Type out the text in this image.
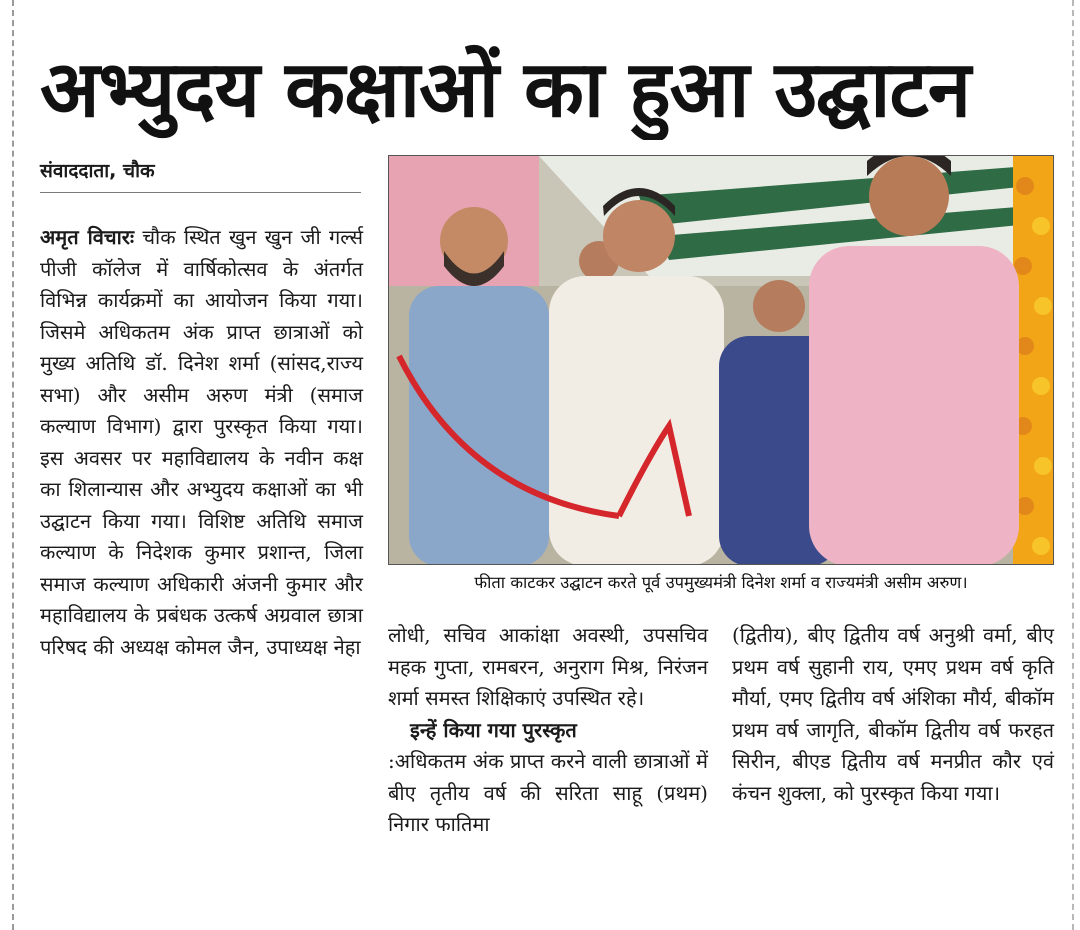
अभ्युदय कक्षाओं का हुआ उद्घाटन
संवाददाता, चौक

अमृत विचारः चौक स्थित खुन खुन जी गर्ल्स पीजी कॉलेज में वार्षिकोत्सव के अंतर्गत विभिन्न कार्यक्रमों का आयोजन किया गया। जिसमे अधिकतम अंक प्राप्त छात्राओं को मुख्य अतिथि डॉ. दिनेश शर्मा (सांसद,राज्य सभा) और असीम अरुण मंत्री (समाज कल्याण विभाग) द्वारा पुरस्कृत किया गया। इस अवसर पर महाविद्यालय के नवीन कक्ष का शिलान्यास और अभ्युदय कक्षाओं का भी उद्घाटन किया गया। विशिष्ट अतिथि समाज कल्याण के निदेशक कुमार प्रशान्त, जिला समाज कल्याण अधिकारी अंजनी कुमार और महाविद्यालय के प्रबंधक उत्कर्ष अग्रवाल छात्रा परिषद की अध्यक्ष कोमल जैन, उपाध्यक्ष नेहा

फीता काटकर उद्घाटन करते पूर्व उपमुख्यमंत्री दिनेश शर्मा व राज्यमंत्री असीम अरुण।

लोधी, सचिव आकांक्षा अवस्थी, उपसचिव महक गुप्ता, रामबरन, अनुराग मिश्र, निरंजन शर्मा समस्त शिक्षिकाएं उपस्थित रहे।

इन्हें किया गया पुरस्कृत

:अधिकतम अंक प्राप्त करने वाली छात्राओं में बीए तृतीय वर्ष की सरिता साहू (प्रथम) निगार फातिमा

(द्वितीय), बीए द्वितीय वर्ष अनुश्री वर्मा, बीए प्रथम वर्ष सुहानी राय, एमए प्रथम वर्ष कृति मौर्या, एमए द्वितीय वर्ष अंशिका मौर्य, बीकॉम प्रथम वर्ष जागृति, बीकॉम द्वितीय वर्ष फरहत सिरीन, बीएड द्वितीय वर्ष मनप्रीत कौर एवं कंचन शुक्ला, को पुरस्कृत किया गया।
